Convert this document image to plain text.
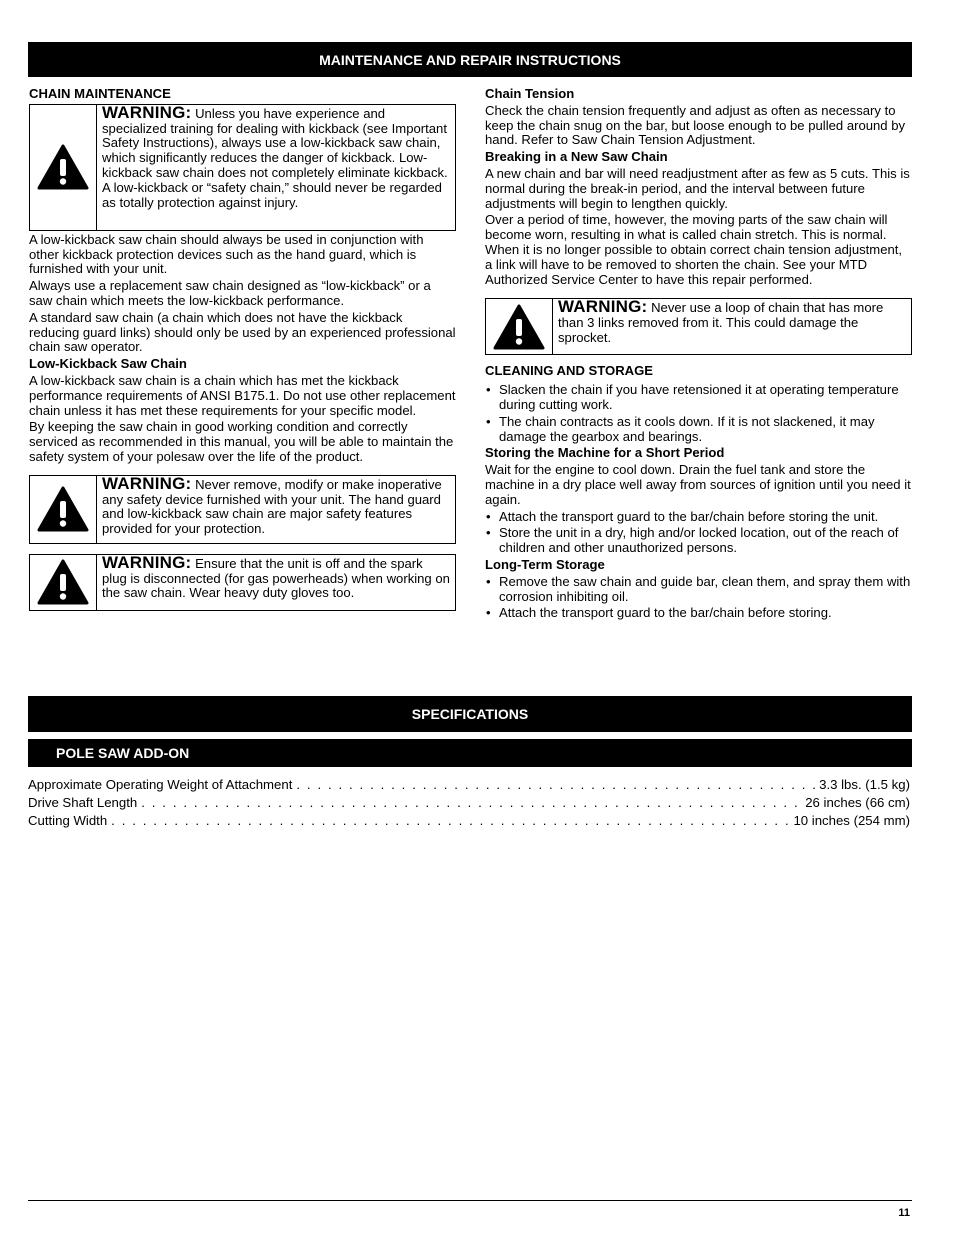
MAINTENANCE AND REPAIR INSTRUCTIONS
CHAIN MAINTENANCE
WARNING: Unless you have experience and specialized training for dealing with kickback (see Important Safety Instructions), always use a low-kickback saw chain, which significantly reduces the danger of kickback. Low-kickback saw chain does not completely eliminate kickback. A low-kickback or “safety chain,” should never be regarded as totally protection against injury.
A low-kickback saw chain should always be used in conjunction with other kickback protection devices such as the hand guard, which is furnished with your unit.
Always use a replacement saw chain designed as “low-kickback” or a saw chain which meets the low-kickback performance.
A standard saw chain (a chain which does not have the kickback reducing guard links) should only be used by an experienced professional chain saw operator.
Low-Kickback Saw Chain
A low-kickback saw chain is a chain which has met the kickback performance requirements of ANSI B175.1. Do not use other replacement chain unless it has met these requirements for your specific model.
By keeping the saw chain in good working condition and correctly serviced as recommended in this manual, you will be able to maintain the safety system of your polesaw over the life of the product.
WARNING: Never remove, modify or make inoperative any safety device furnished with your unit. The hand guard and low-kickback saw chain are major safety features provided for your protection.
WARNING: Ensure that the unit is off and the spark plug is disconnected (for gas powerheads) when working on the saw chain. Wear heavy duty gloves too.
Chain Tension
Check the chain tension frequently and adjust as often as necessary to keep the chain snug on the bar, but loose enough to be pulled around by hand. Refer to Saw Chain Tension Adjustment.
Breaking in a New Saw Chain
A new chain and bar will need readjustment after as few as 5 cuts. This is normal during the break-in period, and the interval between future adjustments will begin to lengthen quickly.
Over a period of time, however, the moving parts of the saw chain will become worn, resulting in what is called chain stretch. This is normal. When it is no longer possible to obtain correct chain tension adjustment, a link will have to be removed to shorten the chain. See your MTD Authorized Service Center to have this repair performed.
WARNING: Never use a loop of chain that has more than 3 links removed from it. This could damage the sprocket.
CLEANING AND STORAGE
• Slacken the chain if you have retensioned it at operating temperature during cutting work.
• The chain contracts as it cools down. If it is not slackened, it may damage the gearbox and bearings.
Storing the Machine for a Short Period
Wait for the engine to cool down. Drain the fuel tank and store the machine in a dry place well away from sources of ignition until you need it again.
• Attach the transport guard to the bar/chain before storing the unit.
• Store the unit in a dry, high and/or locked location, out of the reach of children and other unauthorized persons.
Long-Term Storage
• Remove the saw chain and guide bar, clean them, and spray them with corrosion inhibiting oil.
• Attach the transport guard to the bar/chain before storing.
SPECIFICATIONS
POLE SAW ADD-ON
Approximate Operating Weight of Attachment . . .	3.3 lbs. (1.5 kg)
Drive Shaft Length . . .	26 inches (66 cm)
Cutting Width . . .	10 inches (254 mm)
11
